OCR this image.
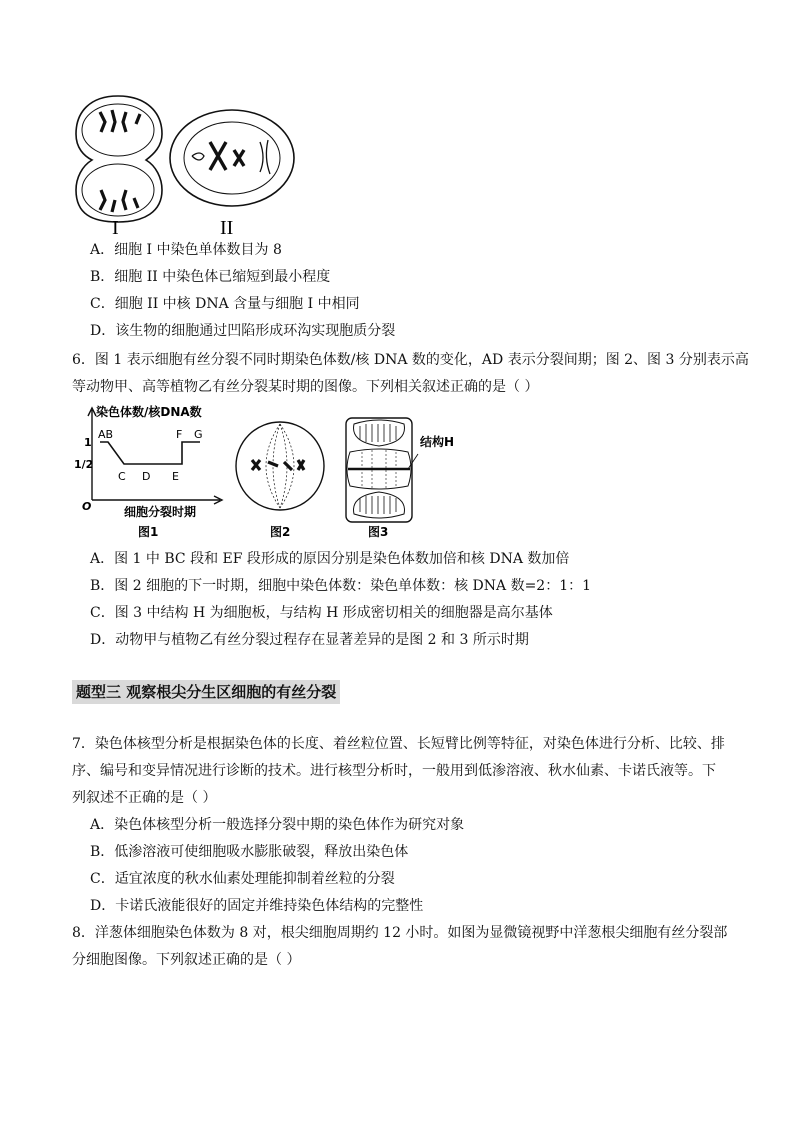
I	II
A．细胞 I 中染色单体数目为 8
B．细胞 II 中染色体已缩短到最小程度
C．细胞 II 中核 DNA 含量与细胞 I 中相同
D．该生物的细胞通过凹陷形成环沟实现胞质分裂
6．图 1 表示细胞有丝分裂不同时期染色体数/核 DNA 数的变化，AD 表示分裂间期；图 2、图 3 分别表示高
等动物甲、高等植物乙有丝分裂某时期的图像。下列相关叙述正确的是（ ）
染色体数/核DNA数
1
1/2
O
AB
C D E
F G
细胞分裂时期
图1	图2
结构H
图3
A．图 1 中 BC 段和 EF 段形成的原因分别是染色体数加倍和核 DNA 数加倍
B．图 2 细胞的下一时期，细胞中染色体数：染色单体数：核 DNA 数=2：1：1
C．图 3 中结构 H 为细胞板，与结构 H 形成密切相关的细胞器是高尔基体
D．动物甲与植物乙有丝分裂过程存在显著差异的是图 2 和 3 所示时期
题型三 观察根尖分生区细胞的有丝分裂
7．染色体核型分析是根据染色体的长度、着丝粒位置、长短臂比例等特征，对染色体进行分析、比较、排
序、编号和变异情况进行诊断的技术。进行核型分析时，一般用到低渗溶液、秋水仙素、卡诺氏液等。下
列叙述不正确的是（ ）
A．染色体核型分析一般选择分裂中期的染色体作为研究对象
B．低渗溶液可使细胞吸水膨胀破裂，释放出染色体
C．适宜浓度的秋水仙素处理能抑制着丝粒的分裂
D．卡诺氏液能很好的固定并维持染色体结构的完整性
8．洋葱体细胞染色体数为 8 对，根尖细胞周期约 12 小时。如图为显微镜视野中洋葱根尖细胞有丝分裂部
分细胞图像。下列叙述正确的是（ ）
